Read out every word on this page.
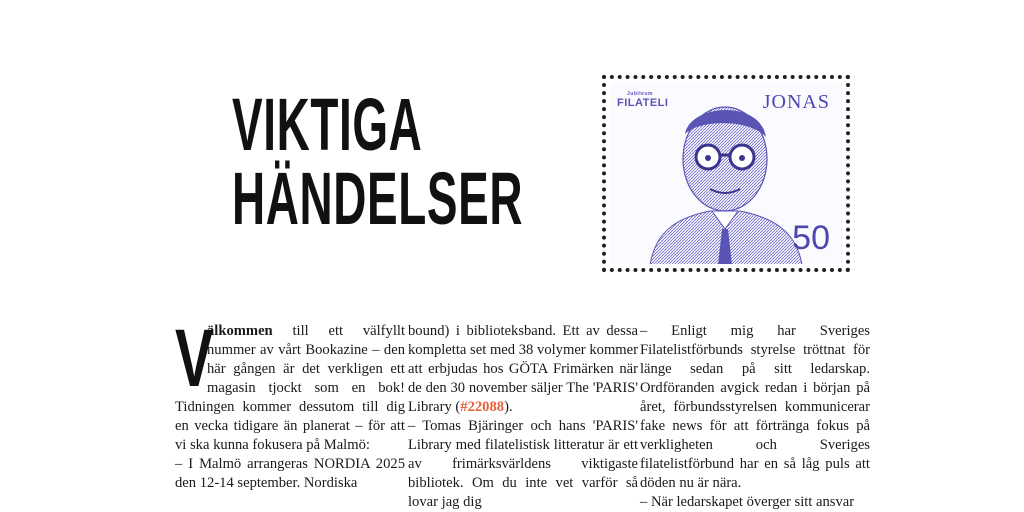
VIKTIGA
HÄNDELSER
Jubileum
FILATELI	JONAS
50

V
älkommen till ett välfyllt nummer av vårt Bookazine – den här gången är det verkligen ett magasin tjockt som en bok! Tidningen kommer dessutom till dig en vecka tidigare än planerat – för att vi ska kunna fokusera på Malmö:

– I Malmö arrangeras NORDIA 2025 den 12-14 september. Nordiska

bound) i biblioteksband. Ett av dessa kompletta set med 38 volymer kommer att erbjudas hos GÖTA Frimärken när de den 30 november säljer The 'PARIS' Library (#22088).

– Tomas Bjäringer och hans 'PARIS' Library med filatelistisk litteratur är ett av frimärksvärldens viktigaste bibliotek. Om du inte vet varför så lovar jag dig

– Enligt mig har Sveriges Filatelistförbunds styrelse tröttnat för länge sedan på sitt ledarskap. Ordföranden avgick redan i början på året, förbundsstyrelsen kommunicerar fake news för att förtränga fokus på verkligheten och Sveriges filatelistförbund har en så låg puls att döden nu är nära.

– När ledarskapet överger sitt ansvar
